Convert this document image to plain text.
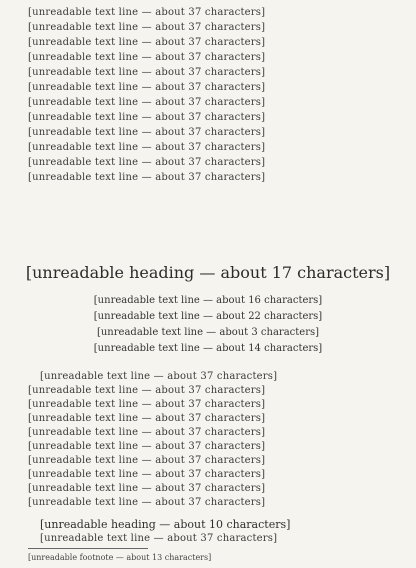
[unreadable text line — about 37 characters]
[unreadable text line — about 37 characters]
[unreadable text line — about 37 characters]
[unreadable text line — about 37 characters]
[unreadable text line — about 37 characters]
[unreadable text line — about 37 characters]
[unreadable text line — about 37 characters]
[unreadable text line — about 37 characters]
[unreadable text line — about 37 characters]
[unreadable text line — about 37 characters]
[unreadable text line — about 37 characters]
[unreadable text line — about 37 characters]
[unreadable heading — about 17 characters]
[unreadable text line — about 16 characters]
[unreadable text line — about 22 characters]
[unreadable text line — about 3 characters]
[unreadable text line — about 14 characters]
[unreadable text line — about 37 characters]
[unreadable text line — about 37 characters]
[unreadable text line — about 37 characters]
[unreadable text line — about 37 characters]
[unreadable text line — about 37 characters]
[unreadable text line — about 37 characters]
[unreadable text line — about 37 characters]
[unreadable text line — about 37 characters]
[unreadable text line — about 37 characters]
[unreadable text line — about 37 characters]
[unreadable heading — about 10 characters]
[unreadable text line — about 37 characters]
[unreadable footnote — about 13 characters]
